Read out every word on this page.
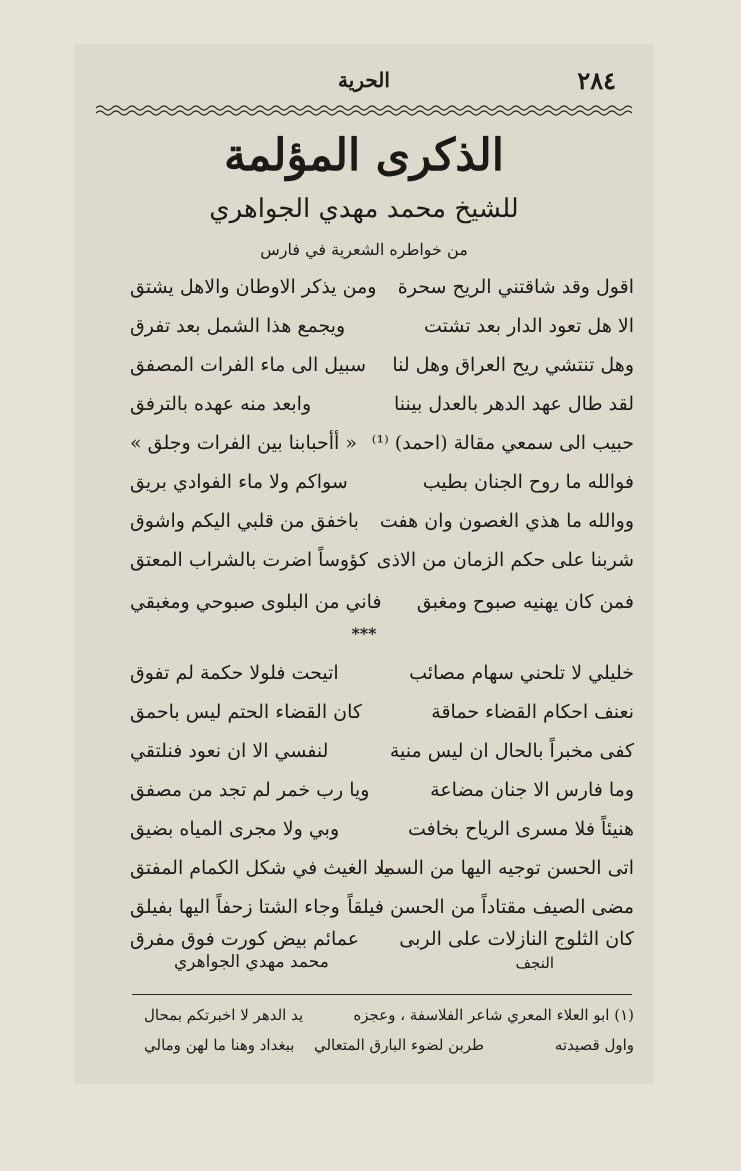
٢٨٤
الحرية
الذكرى المؤلمة
للشيخ محمد مهدي الجواهري
من خواطره الشعرية في فارس
اقول وقد شاقتني الريح سحرة
ومن يذكر الاوطان والاهل يشتق
الا هل تعود الدار بعد تشتت
ويجمع هذا الشمل بعد تفرق
وهل تنتشي ريح العراق وهل لنا
سبيل الى ماء الفرات المصفق
لقد طال عهد الدهر بالعدل بيننا
وابعد منه عهده بالترفق
حبيب الى سمعي مقالة (احمد) ⁽¹⁾
« أأحبابنا بين الفرات وجلق »
فوالله ما روح الجنان بطيب
سواكم ولا ماء الفوادي بريق
ووالله ما هذي الغصون وان هفت
باخفق من قلبي اليكم واشوق
شربنا على حكم الزمان من الاذى
كؤوساً اضرت بالشراب المعتق
فمن كان يهنيه صبوح ومغبق
فاني من البلوى صبوحي ومغبقي
***
خليلي لا تلحني سهام مصائب
اتيحت فلولا حكمة لم تفوق
نعنف احكام القضاء حماقة
كان القضاء الحتم ليس باحمق
كفى مخبراً بالحال ان ليس منية
لنفسي الا ان نعود فنلتقي
وما فارس الا جنان مضاعة
ويا رب خمر لم تجد من مصفق
هنيئاً فلا مسرى الرياح بخافت
وبي ولا مجرى المياه بضيق
اتى الحسن توجيه اليها من السما
يد الغيث في شكل الكمام المفتق
مضى الصيف مقتاداً من الحسن فيلقاً
وجاء الشتا زحفاً اليها بفيلق
كان الثلوج النازلات على الربى
عمائم بيض كورت فوق مفرق
النجف
محمد مهدي الجواهري
(١) ابو العلاء المعري شاعر الفلاسفة ، وعجزه
يد الدهر لا اخبرتكم بمحال
واول قصيدته
طربن لضوء البارق المتعالي
ببغداد وهنا ما لهن ومالي
